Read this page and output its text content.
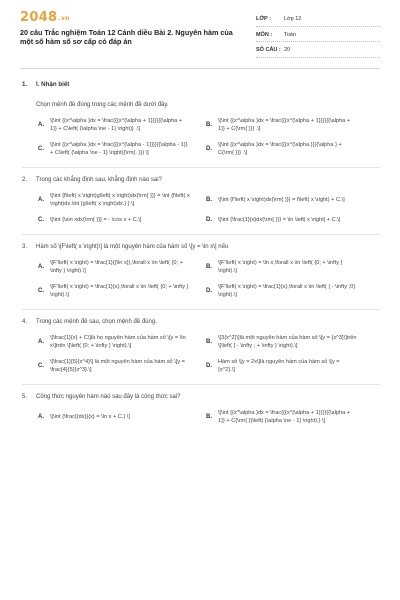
2048.vn
20 câu Trắc nghiệm Toán 12 Cánh diều Bài 2. Nguyên hàm của một số hàm số sơ cấp có đáp án
LỚP : Lớp 12
MÔN : Toán
SỐ CÂU : 20
1. I. Nhận biết
Chọn mệnh đề đúng trong các mệnh đề dưới đây.
A.
\[\int {{x^\alpha }dx = \frac{{{x^{\alpha + 1}}}}{{\alpha + 1}} + C\left( {\alpha \ne - 1} \right)} .\]
B.
\[\int {{x^\alpha }dx = \frac{{{x^{\alpha + 1}}}}{{\alpha + 1}} + C{\rm{ }}} .\]
C.
\[\int {{x^\alpha }dx = \frac{{{x^{\alpha - 1}}}}{{\alpha - 1}} + C\left( {\alpha \ne - 1} \right){\rm{. }}} \]
D.
\[\int {{x^\alpha }dx = \frac{{{x^{\alpha }}}{\alpha } + C{\rm{ }}} .\]
2.	Trong các khẳng định sau, khẳng định nào sai?
A.
\[\int {f\left( x \right)g\left( x \right)dx{\rm{ }}} = \int {f\left( x \right)dx.\int {g\left( x \right)dx.} } \]
B.	\[\int {f'\left( x \right)dx{\rm{ }}} = f\left( x \right) + C.\]
C.	\[\int {\sin xdx{\rm{ }}} = - \cos x + C.\]	D.	\[\int {\frac{1}{x}dx{\rm{ }}} = \ln \left| x \right| + C.\]
3.	Hàm số \[F\left( x \right)\] là một nguyên hàm của hàm số \[y = \ln x\] nếu
A.
\[F'\left( x \right) = \frac{1}{{\ln x}},\forall x \in \left( {0; + \infty } \right).\]
B.
\[F'\left( x \right) = \ln x,\forall x \in \left( {0; + \infty } \right).\]
C.
\[F'\left( x \right) = \frac{1}{x},\forall x \in \left( {0; + \infty } \right).\]
D.
\[F'\left( x \right) = \frac{1}{x},\forall x \in \left( { - \infty ;0} \right).\]
4.	Trong các mệnh đề sau, chọn mệnh đề đúng.
A.
\[\frac{1}{x} + C\]là họ nguyên hàm của hàm số \[y = \ln x\]trên \[\left( {0; + \infty } \right).\]
B.
\[3{x^2}\]là một nguyên hàm của hàm số \[y = {x^3}\]trên \[\left( { - \infty ; + \infty } \right).\]
C.
\[\frac{1}{5}{x^4}\] là một nguyên hàm của hàm số \[y = \frac{4}{5}{x^3}.\]
D.
Hàm số \[y = 2x\]là nguyên hàm của hàm số \[y = {x^2}.\]
5.	Công thức nguyên hàm nào sau đây là công thức sai?
A.	\[\int {\frac{{dx}}{x} = \ln x + C.} \]	B.
\[\int {{x^\alpha }dx = \frac{{{x^{\alpha + 1}}}}{{\alpha + 1}} + C{\rm{ }}\left( {\alpha \ne - 1} \right).} \]
